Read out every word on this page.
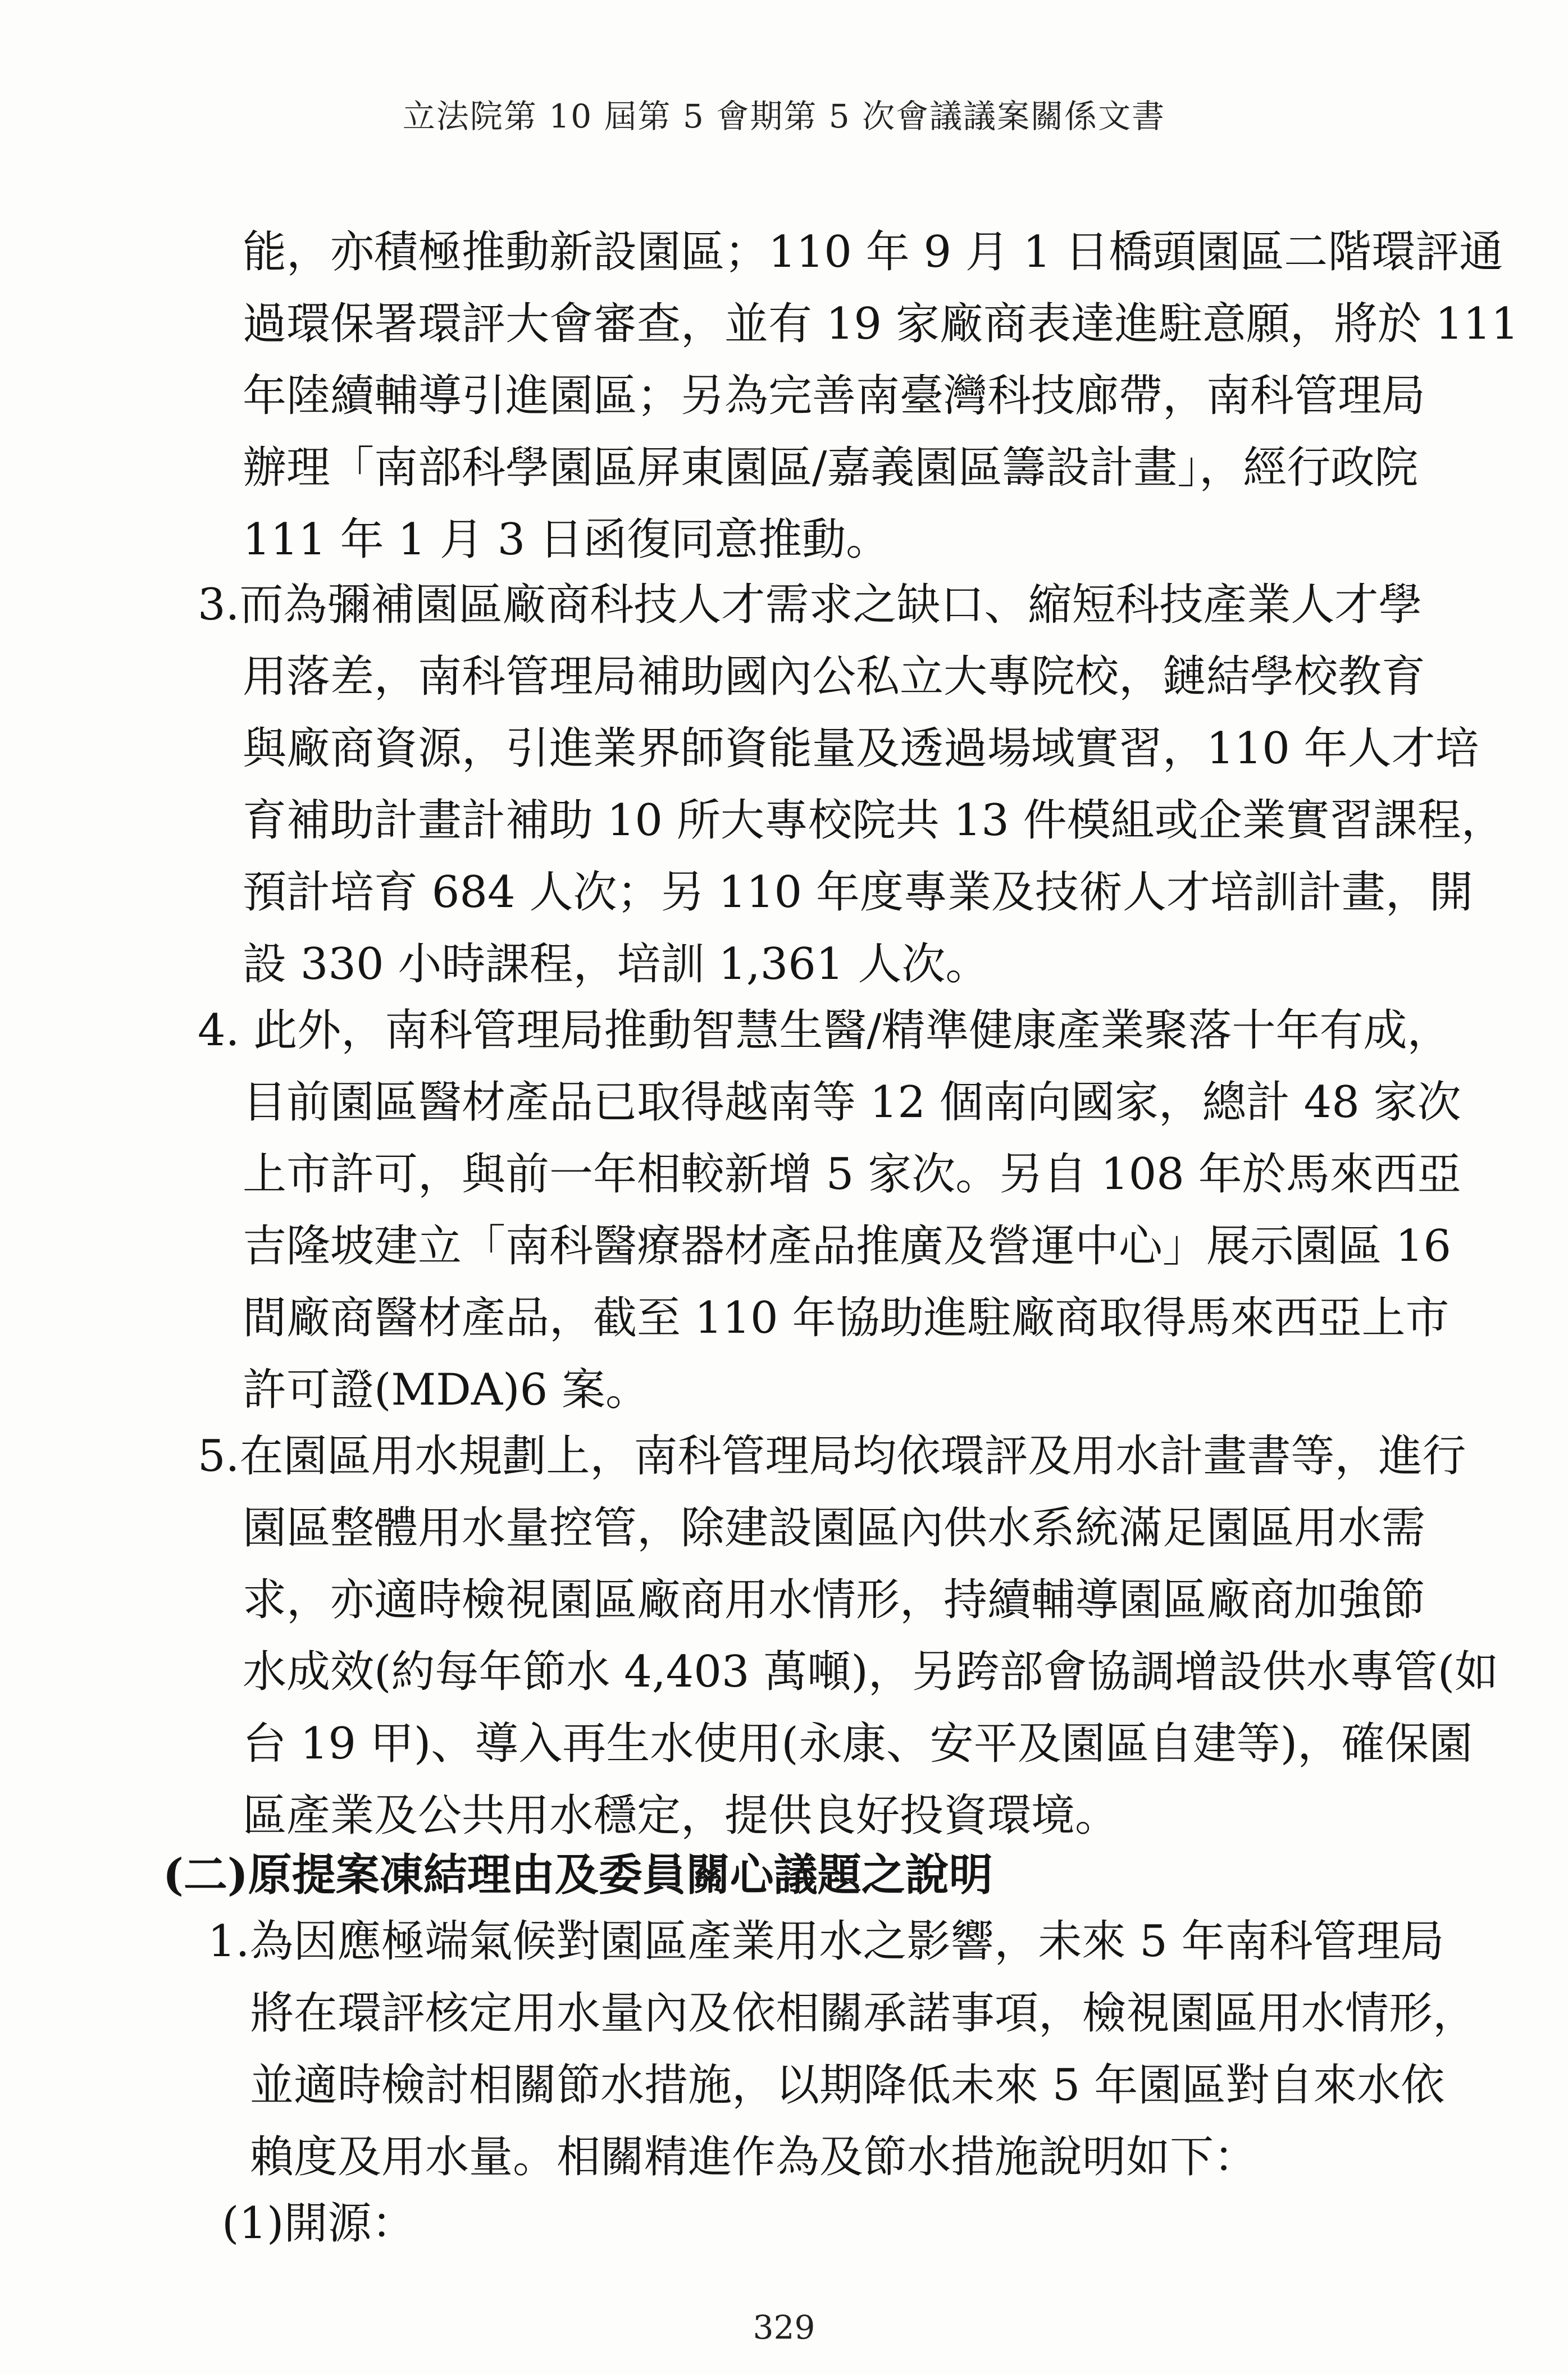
立法院第 10 屆第 5 會期第 5 次會議議案關係文書
能，亦積極推動新設園區；110 年 9 月 1 日橋頭園區二階環評通
過環保署環評大會審查，並有 19 家廠商表達進駐意願，將於 111
年陸續輔導引進園區；另為完善南臺灣科技廊帶，南科管理局
辦理「南部科學園區屏東園區/嘉義園區籌設計畫」，經行政院
111 年 1 月 3 日函復同意推動。
3.而為彌補園區廠商科技人才需求之缺口、縮短科技產業人才學
用落差，南科管理局補助國內公私立大專院校，鏈結學校教育
與廠商資源，引進業界師資能量及透過場域實習，110 年人才培
育補助計畫計補助 10 所大專校院共 13 件模組或企業實習課程，
預計培育 684 人次；另 110 年度專業及技術人才培訓計畫，開
設 330 小時課程，培訓 1,361 人次。
4. 此外，南科管理局推動智慧生醫/精準健康產業聚落十年有成，
目前園區醫材產品已取得越南等 12 個南向國家，總計 48 家次
上市許可，與前一年相較新增 5 家次。另自 108 年於馬來西亞
吉隆坡建立「南科醫療器材產品推廣及營運中心」展示園區 16
間廠商醫材產品，截至 110 年協助進駐廠商取得馬來西亞上市
許可證(MDA)6 案。
5.在園區用水規劃上，南科管理局均依環評及用水計畫書等，進行
園區整體用水量控管，除建設園區內供水系統滿足園區用水需
求，亦適時檢視園區廠商用水情形，持續輔導園區廠商加強節
水成效(約每年節水 4,403 萬噸)，另跨部會協調增設供水專管(如
台 19 甲)、導入再生水使用(永康、安平及園區自建等)，確保園
區產業及公共用水穩定，提供良好投資環境。
(二)原提案凍結理由及委員關心議題之說明
1.為因應極端氣候對園區產業用水之影響，未來 5 年南科管理局
將在環評核定用水量內及依相關承諾事項，檢視園區用水情形，
並適時檢討相關節水措施，以期降低未來 5 年園區對自來水依
賴度及用水量。相關精進作為及節水措施說明如下：
(1)開源：
329
